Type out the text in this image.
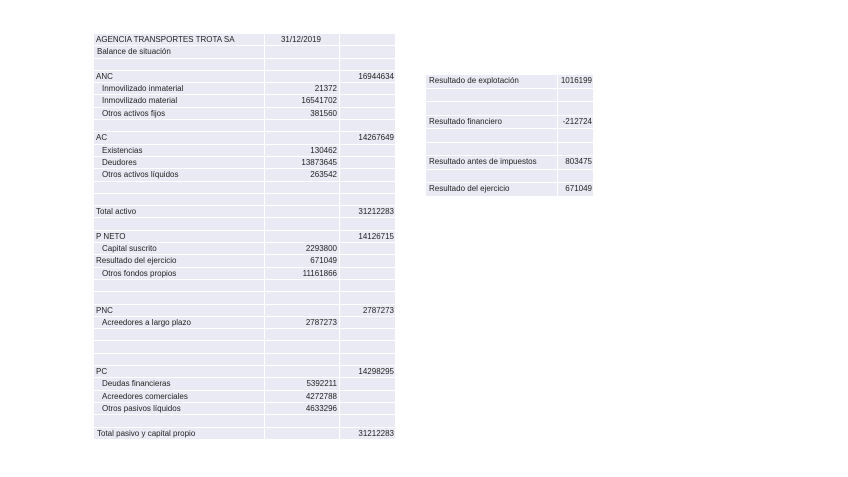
AGENCIA TRANSPORTES TROTA SA	31/12/2019	
Balance de situación		

ANC		16944634
Inmovilizado inmaterial	21372	
Inmovilizado material	16541702	
Otros activos fijos	381560	

AC		14267649
Existencias	130462	
Deudores	13873645	
Otros activos líquidos	263542	

Total activo		31212283

P NETO		14126715
Capital suscrito	2293800	
Resultado del ejercicio	671049	
Otros fondos propios	11161866	

PNC		2787273
Acreedores a largo plazo	2787273	

PC		14298295
Deudas financieras	5392211	
Acreedores comerciales	4272788	
Otros pasivos líquidos	4633296	

Total pasivo y capital propio		31212283
Resultado de explotación	1016199

Resultado financiero	-212724

Resultado antes de impuestos	803475

Resultado del ejercicio	671049
